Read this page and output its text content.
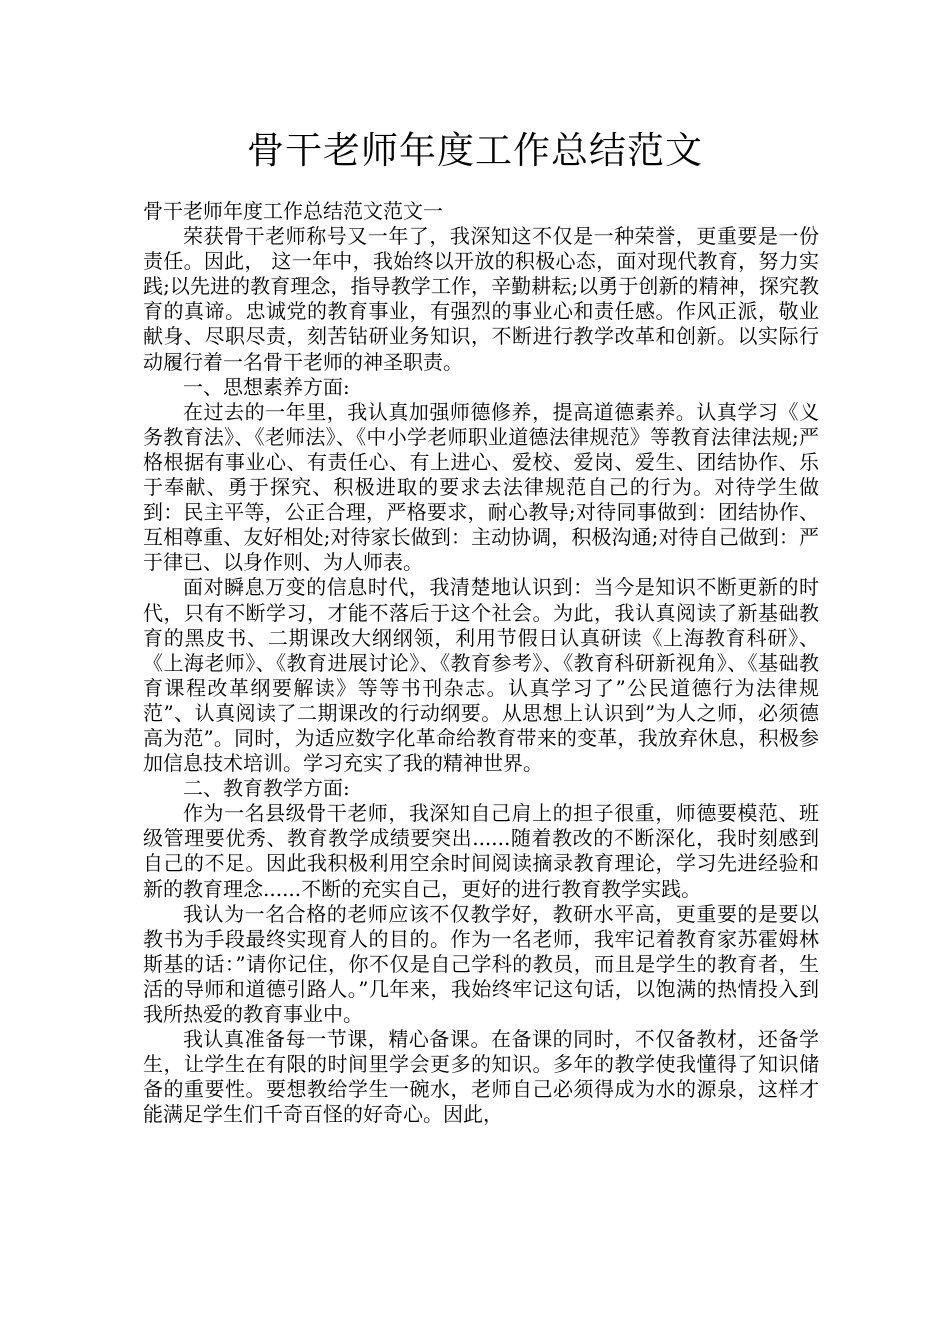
骨干老师年度工作总结范文

骨干老师年度工作总结范文范文一

荣获骨干老师称号又一年了，我深知这不仅是一种荣誉，更重要是一份责任。因此， 这一年中，我始终以开放的积极心态，面对现代教育，努力实践;以先进的教育理念，指导教学工作，辛勤耕耘;以勇于创新的精神，探究教育的真谛。忠诚党的教育事业，有强烈的事业心和责任感。作风正派，敬业献身、尽职尽责，刻苦钻研业务知识，不断进行教学改革和创新。以实际行动履行着一名骨干老师的神圣职责。

一、思想素养方面:

在过去的一年里，我认真加强师德修养，提高道德素养。认真学习《义务教育法》、《老师法》、《中小学老师职业道德法律规范》等教育法律法规;严格根据有事业心、有责任心、有上进心、爱校、爱岗、爱生、团结协作、乐于奉献、勇于探究、积极进取的要求去法律规范自己的行为。对待学生做到：民主平等，公正合理，严格要求，耐心教导;对待同事做到：团结协作、互相尊重、友好相处;对待家长做到：主动协调，积极沟通;对待自己做到：严于律已、以身作则、为人师表。

面对瞬息万变的信息时代，我清楚地认识到：当今是知识不断更新的时代，只有不断学习，才能不落后于这个社会。为此，我认真阅读了新基础教育的黑皮书、二期课改大纲纲领，利用节假日认真研读《上海教育科研》、《上海老师》、《教育进展讨论》、《教育参考》、《教育科研新视角》、《基础教育课程改革纲要解读》等等书刊杂志。认真学习了”公民道德行为法律规范”、认真阅读了二期课改的行动纲要。从思想上认识到”为人之师，必须德高为范”。同时，为适应数字化革命给教育带来的变革，我放弃休息，积极参加信息技术培训。学习充实了我的精神世界。

二、教育教学方面:

作为一名县级骨干老师，我深知自己肩上的担子很重，师德要模范、班级管理要优秀、教育教学成绩要突出......随着教改的不断深化，我时刻感到自己的不足。因此我积极利用空余时间阅读摘录教育理论，学习先进经验和新的教育理念......不断的充实自己，更好的进行教育教学实践。

我认为一名合格的老师应该不仅教学好，教研水平高，更重要的是要以教书为手段最终实现育人的目的。作为一名老师，我牢记着教育家苏霍姆林斯基的话：”请你记住，你不仅是自己学科的教员，而且是学生的教育者，生活的导师和道德引路人。”几年来，我始终牢记这句话，以饱满的热情投入到我所热爱的教育事业中。

我认真准备每一节课，精心备课。在备课的同时，不仅备教材，还备学生，让学生在有限的时间里学会更多的知识。多年的教学使我懂得了知识储备的重要性。要想教给学生一碗水，老师自己必须得成为水的源泉，这样才能满足学生们千奇百怪的好奇心。因此，
